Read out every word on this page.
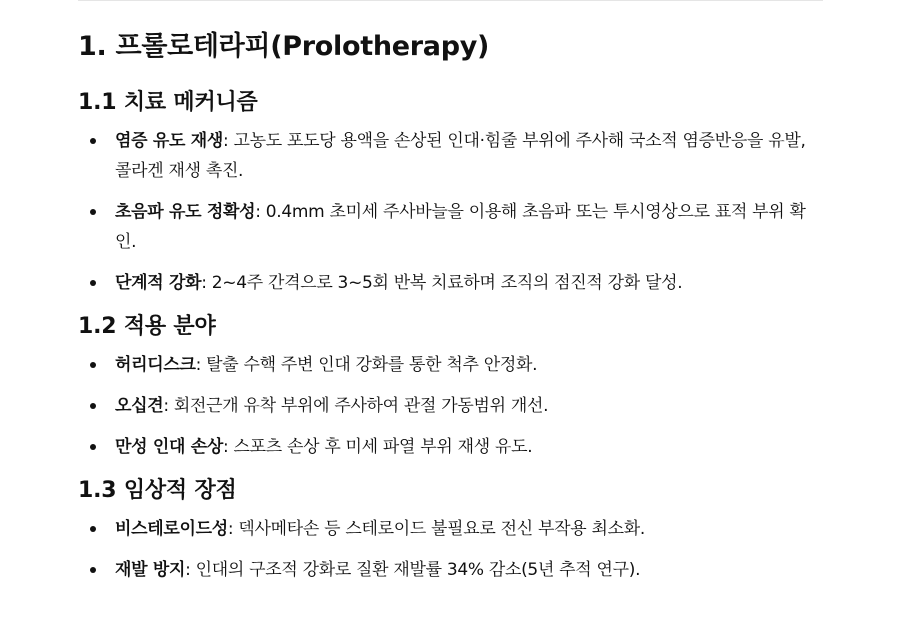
1. 프롤로테라피(Prolotherapy)
1.1 치료 메커니즘
염증 유도 재생: 고농도 포도당 용액을 손상된 인대·힘줄 부위에 주사해 국소적 염증반응을 유발, 콜라겐 재생 촉진.
초음파 유도 정확성: 0.4mm 초미세 주사바늘을 이용해 초음파 또는 투시영상으로 표적 부위 확인.
단계적 강화: 2~4주 간격으로 3~5회 반복 치료하며 조직의 점진적 강화 달성.
1.2 적용 분야
허리디스크: 탈출 수핵 주변 인대 강화를 통한 척추 안정화.
오십견: 회전근개 유착 부위에 주사하여 관절 가동범위 개선.
만성 인대 손상: 스포츠 손상 후 미세 파열 부위 재생 유도.
1.3 임상적 장점
비스테로이드성: 덱사메타손 등 스테로이드 불필요로 전신 부작용 최소화.
재발 방지: 인대의 구조적 강화로 질환 재발률 34% 감소(5년 추적 연구).
